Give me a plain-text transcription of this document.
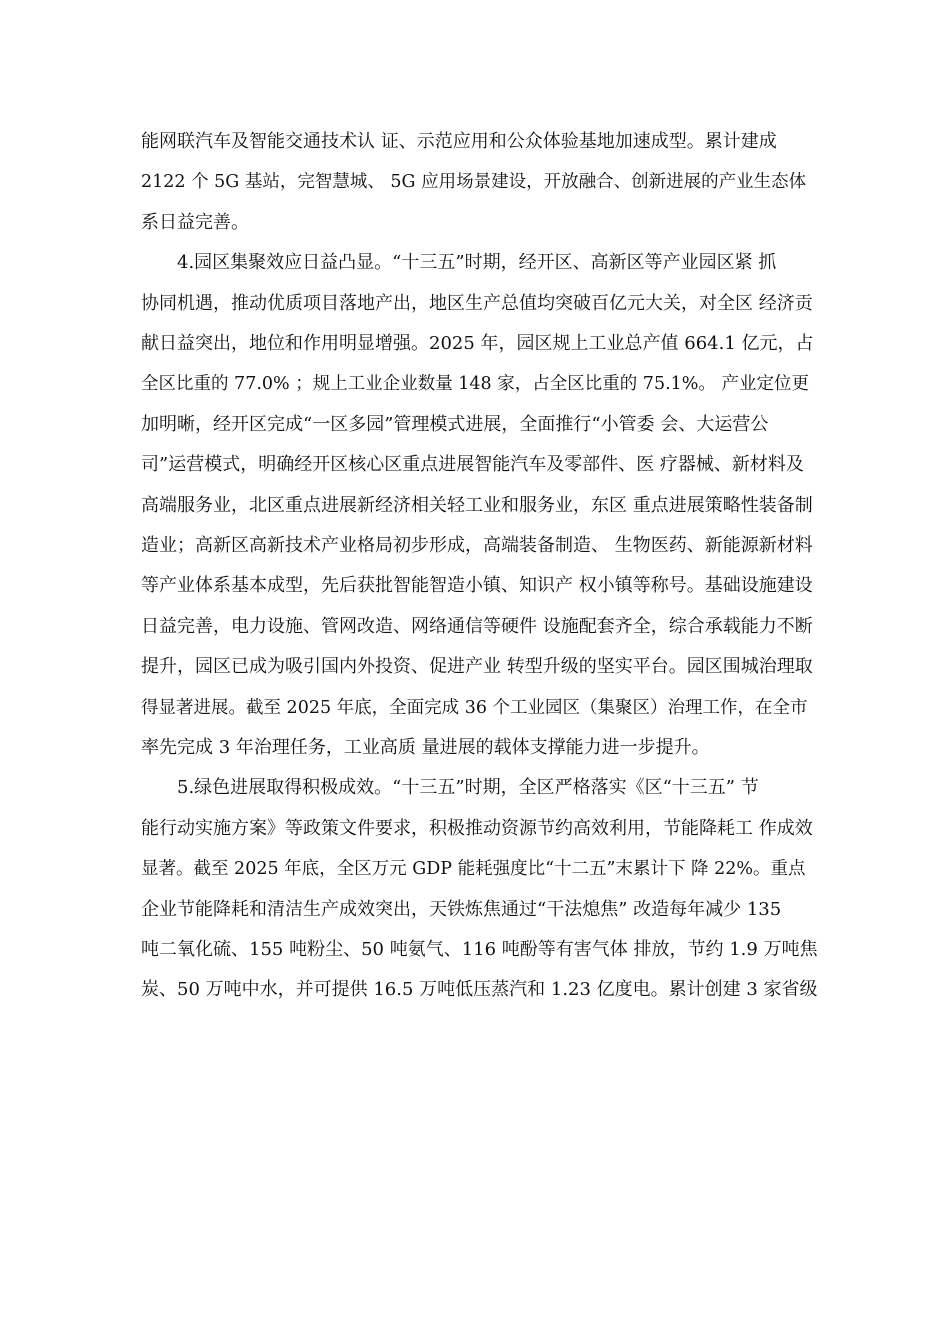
能网联汽车及智能交通技术认 证、示范应用和公众体验基地加速成型。累计建成
2122 个 5G 基站，完智慧城、 5G 应用场景建设，开放融合、创新进展的产业生态体
系日益完善。
4.园区集聚效应日益凸显。“十三五”时期，经开区、高新区等产业园区紧 抓
协同机遇，推动优质项目落地产出，地区生产总值均突破百亿元大关，对全区 经济贡
献日益突出，地位和作用明显增强。2025 年，园区规上工业总产值 664.1 亿元，占
全区比重的 77.0% ；规上工业企业数量 148 家，占全区比重的 75.1%。 产业定位更
加明晰，经开区完成“一区多园”管理模式进展，全面推行“小管委 会、大运营公
司”运营模式，明确经开区核心区重点进展智能汽车及零部件、医 疗器械、新材料及
高端服务业，北区重点进展新经济相关轻工业和服务业，东区 重点进展策略性装备制
造业；高新区高新技术产业格局初步形成，高端装备制造、 生物医药、新能源新材料
等产业体系基本成型，先后获批智能智造小镇、知识产 权小镇等称号。基础设施建设
日益完善，电力设施、管网改造、网络通信等硬件 设施配套齐全，综合承载能力不断
提升，园区已成为吸引国内外投资、促进产业 转型升级的坚实平台。园区围城治理取
得显著进展。截至 2025 年底，全面完成 36 个工业园区（集聚区）治理工作，在全市
率先完成 3 年治理任务，工业高质 量进展的载体支撑能力进一步提升。
5.绿色进展取得积极成效。“十三五”时期，全区严格落实《区“十三五” 节
能行动实施方案》等政策文件要求，积极推动资源节约高效利用，节能降耗工 作成效
显著。截至 2025 年底，全区万元 GDP 能耗强度比“十二五”末累计下 降 22%。重点
企业节能降耗和清洁生产成效突出，天铁炼焦通过“干法熄焦” 改造每年减少 135
吨二氧化硫、155 吨粉尘、50 吨氨气、116 吨酚等有害气体 排放，节约 1.9 万吨焦
炭、50 万吨中水，并可提供 16.5 万吨低压蒸汽和 1.23 亿度电。累计创建 3 家省级
